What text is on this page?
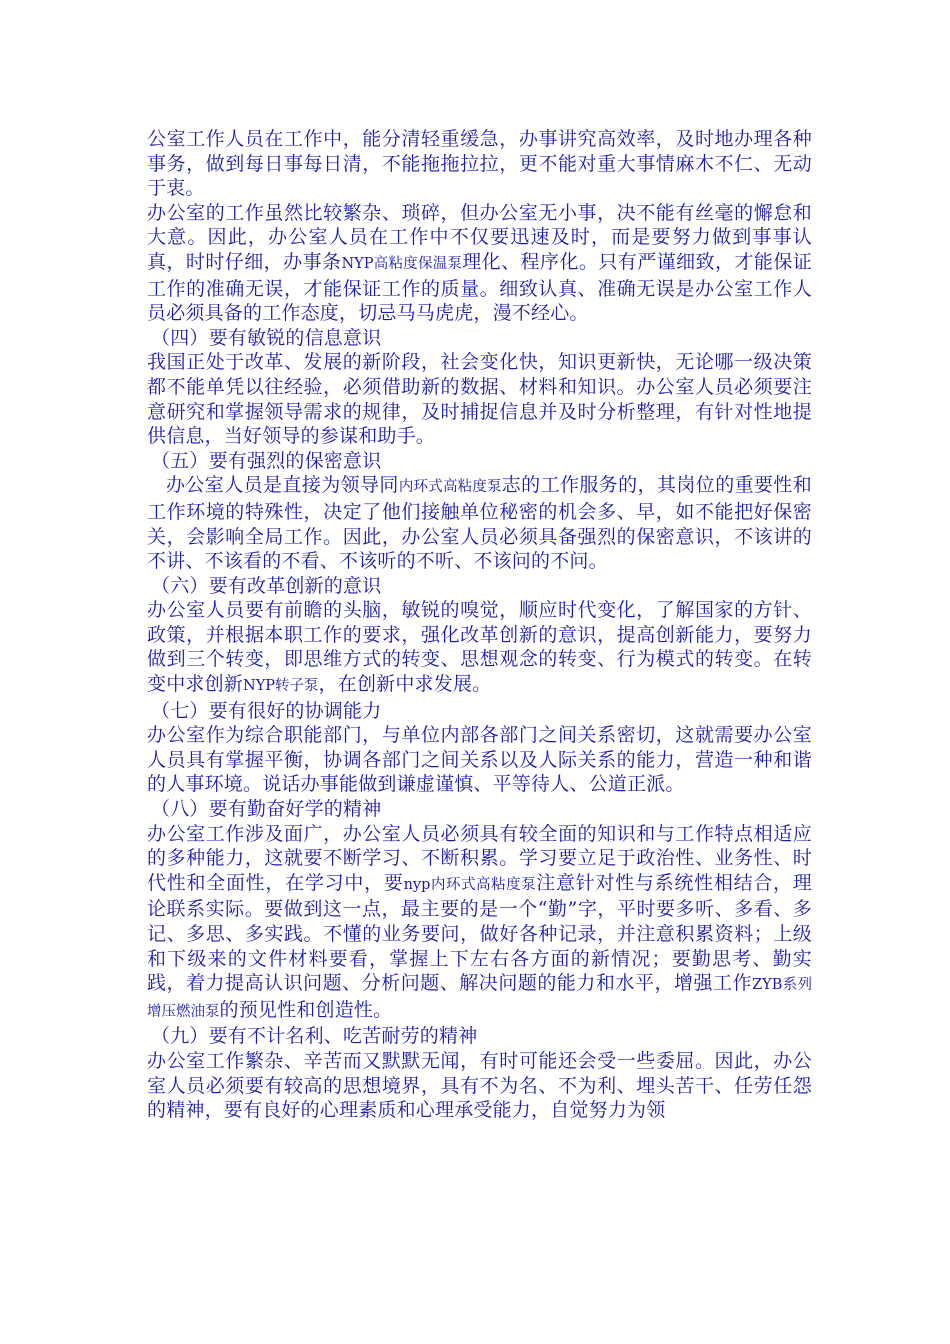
公室工作人员在工作中，能分清轻重缓急，办事讲究高效率，及时地办理各种事务，做到每日事每日清，不能拖拖拉拉，更不能对重大事情麻木不仁、无动于衷。

办公室的工作虽然比较繁杂、琐碎，但办公室无小事，决不能有丝毫的懈怠和大意。因此，办公室人员在工作中不仅要迅速及时，而是要努力做到事事认真，时时仔细，办事条NYP高粘度保温泵理化、程序化。只有严谨细致，才能保证工作的准确无误，才能保证工作的质量。细致认真、准确无误是办公室工作人员必须具备的工作态度，切忌马马虎虎，漫不经心。

（四）要有敏锐的信息意识

我国正处于改革、发展的新阶段，社会变化快，知识更新快，无论哪一级决策都不能单凭以往经验，必须借助新的数据、材料和知识。办公室人员必须要注意研究和掌握领导需求的规律，及时捕捉信息并及时分析整理，有针对性地提供信息，当好领导的参谋和助手。

（五）要有强烈的保密意识

办公室人员是直接为领导同内环式高粘度泵志的工作服务的，其岗位的重要性和工作环境的特殊性，决定了他们接触单位秘密的机会多、早，如不能把好保密关，会影响全局工作。因此，办公室人员必须具备强烈的保密意识，不该讲的不讲、不该看的不看、不该听的不听、不该问的不问。

（六）要有改革创新的意识

办公室人员要有前瞻的头脑，敏锐的嗅觉，顺应时代变化，了解国家的方针、政策，并根据本职工作的要求，强化改革创新的意识，提高创新能力，要努力做到三个转变，即思维方式的转变、思想观念的转变、行为模式的转变。在转变中求创新NYP转子泵，在创新中求发展。

（七）要有很好的协调能力

办公室作为综合职能部门，与单位内部各部门之间关系密切，这就需要办公室人员具有掌握平衡，协调各部门之间关系以及人际关系的能力，营造一种和谐的人事环境。说话办事能做到谦虚谨慎、平等待人、公道正派。

（八）要有勤奋好学的精神

办公室工作涉及面广，办公室人员必须具有较全面的知识和与工作特点相适应的多种能力，这就要不断学习、不断积累。学习要立足于政治性、业务性、时代性和全面性，在学习中，要nyp内环式高粘度泵注意针对性与系统性相结合，理论联系实际。要做到这一点，最主要的是一个“勤”字，平时要多听、多看、多记、多思、多实践。不懂的业务要问，做好各种记录，并注意积累资料；上级和下级来的文件材料要看，掌握上下左右各方面的新情况；要勤思考、勤实践，着力提高认识问题、分析问题、解决问题的能力和水平，增强工作ZYB系列增压燃油泵的预见性和创造性。

（九）要有不计名利、吃苦耐劳的精神

办公室工作繁杂、辛苦而又默默无闻，有时可能还会受一些委屈。因此，办公室人员必须要有较高的思想境界，具有不为名、不为利、埋头苦干、任劳任怨的精神，要有良好的心理素质和心理承受能力，自觉努力为领
